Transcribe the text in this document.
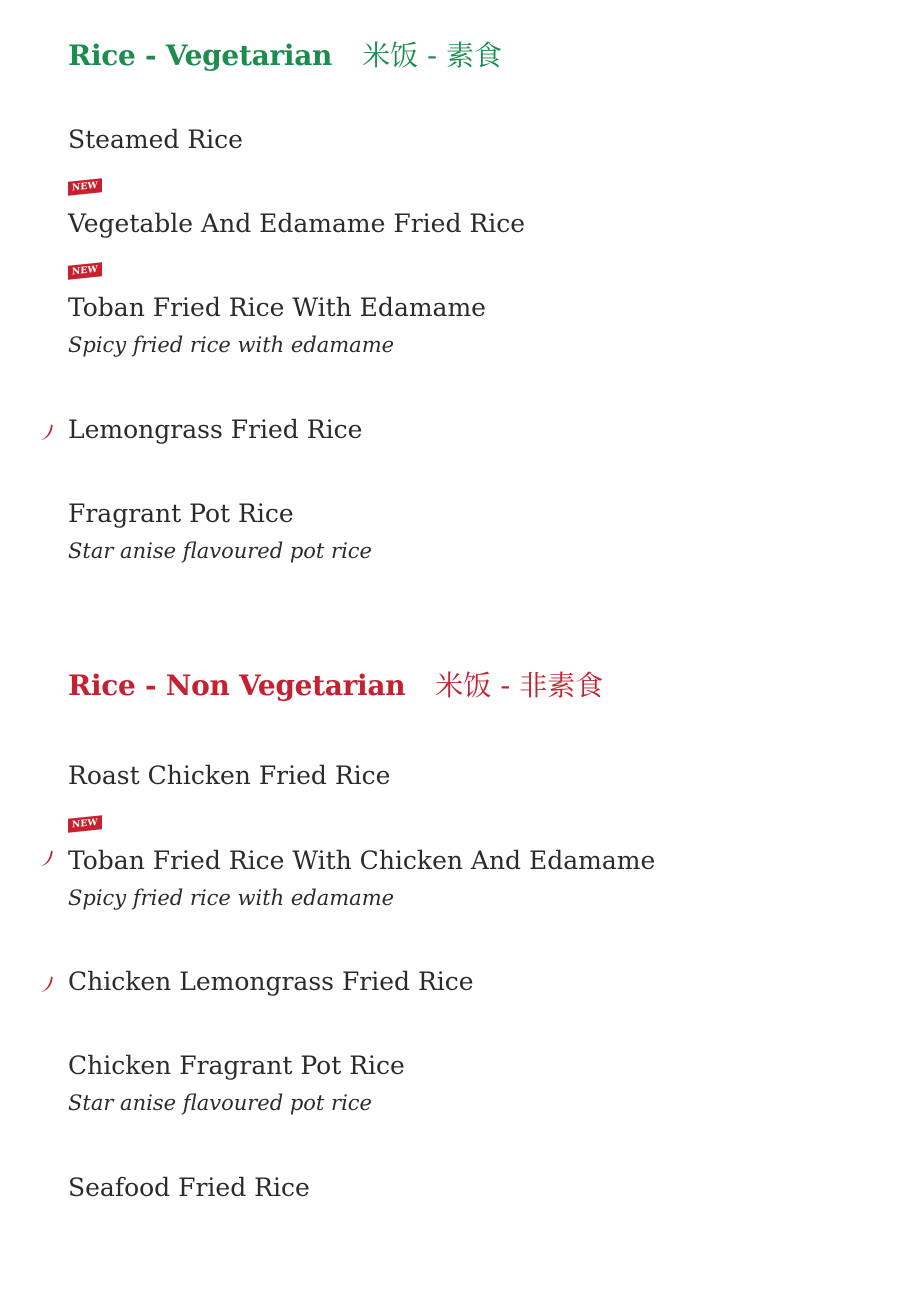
Rice - Vegetarian 米饭 - 素食
Steamed Rice
NEW
Vegetable And Edamame Fried Rice
NEW
Toban Fried Rice With Edamame
Spicy fried rice with edamame
Lemongrass Fried Rice
Fragrant Pot Rice
Star anise flavoured pot rice
Rice - Non Vegetarian 米饭 - 非素食
Roast Chicken Fried Rice
NEW
Toban Fried Rice With Chicken And Edamame
Spicy fried rice with edamame
Chicken Lemongrass Fried Rice
Chicken Fragrant Pot Rice
Star anise flavoured pot rice
Seafood Fried Rice
